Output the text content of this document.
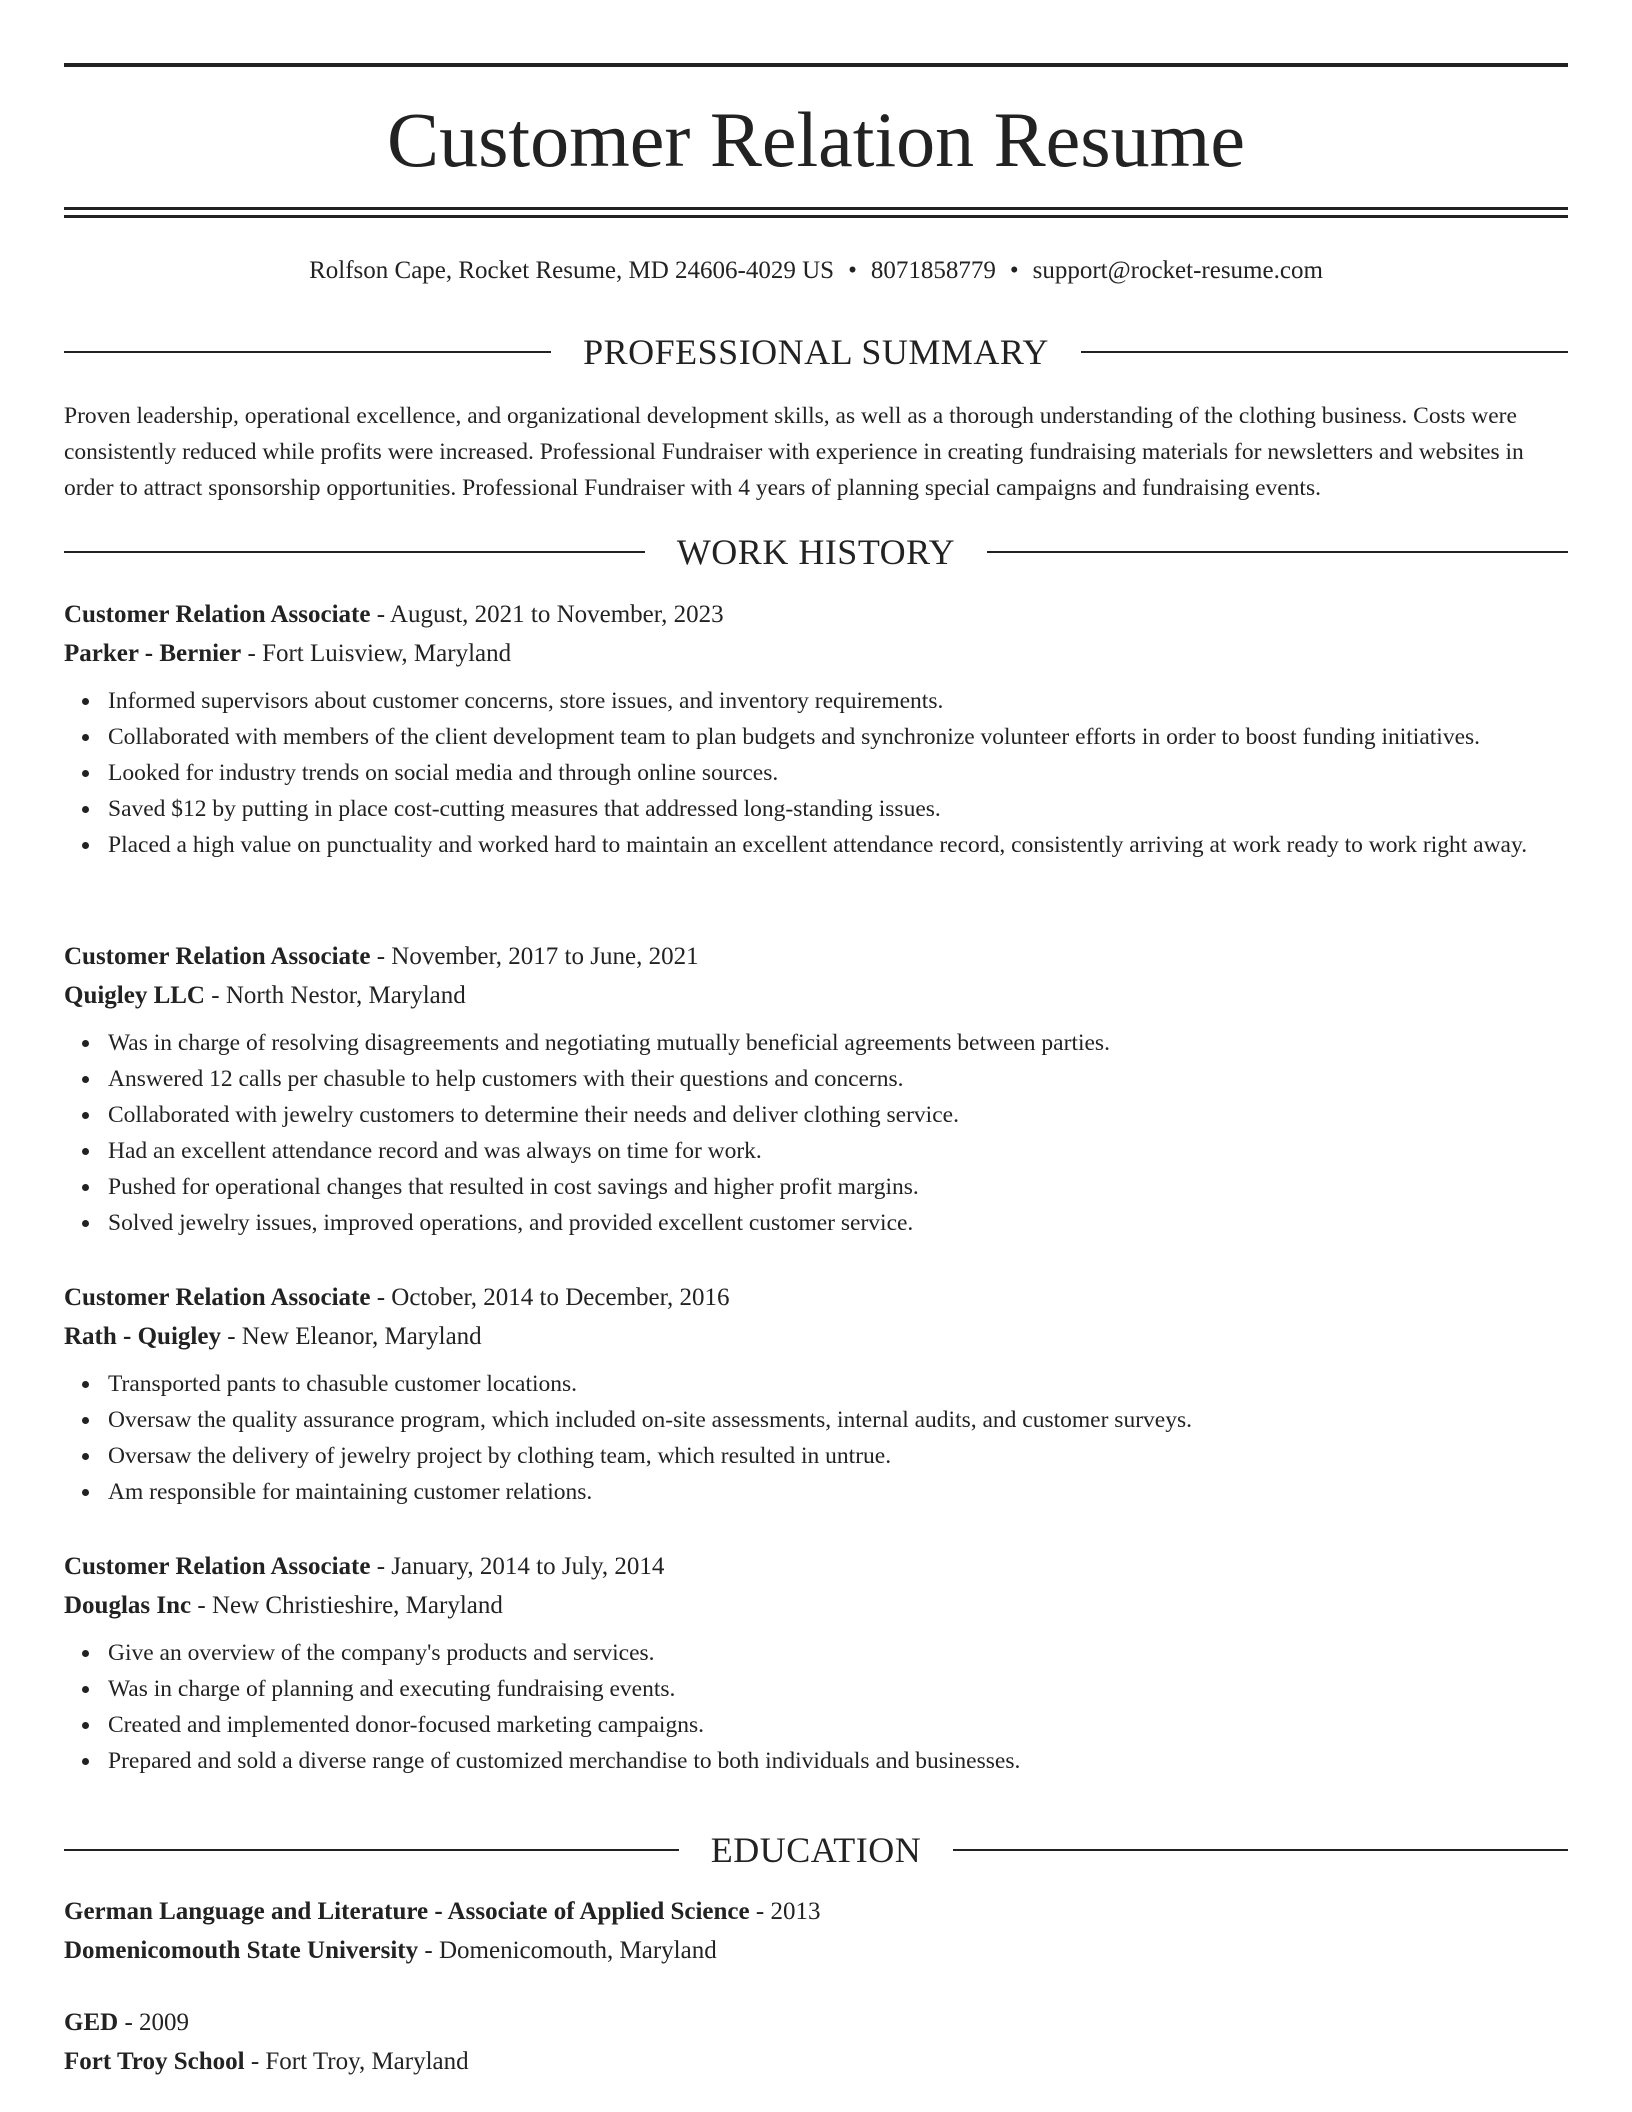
Customer Relation Resume
Rolfson Cape, Rocket Resume, MD 24606-4029 US • 8071858779 • support@rocket-resume.com
PROFESSIONAL SUMMARY

Proven leadership, operational excellence, and organizational development skills, as well as a thorough understanding of the clothing business. Costs were consistently reduced while profits were increased. Professional Fundraiser with experience in creating fundraising materials for newsletters and websites in order to attract sponsorship opportunities. Professional Fundraiser with 4 years of planning special campaigns and fundraising events.

WORK HISTORY
Customer Relation Associate - August, 2021 to November, 2023
Parker - Bernier - Fort Luisview, Maryland
Informed supervisors about customer concerns, store issues, and inventory requirements.
Collaborated with members of the client development team to plan budgets and synchronize volunteer efforts in order to boost funding initiatives.
Looked for industry trends on social media and through online sources.
Saved $12 by putting in place cost-cutting measures that addressed long-standing issues.
Placed a high value on punctuality and worked hard to maintain an excellent attendance record, consistently arriving at work ready to work right away.
Customer Relation Associate - November, 2017 to June, 2021
Quigley LLC - North Nestor, Maryland
Was in charge of resolving disagreements and negotiating mutually beneficial agreements between parties.
Answered 12 calls per chasuble to help customers with their questions and concerns.
Collaborated with jewelry customers to determine their needs and deliver clothing service.
Had an excellent attendance record and was always on time for work.
Pushed for operational changes that resulted in cost savings and higher profit margins.
Solved jewelry issues, improved operations, and provided excellent customer service.
Customer Relation Associate - October, 2014 to December, 2016
Rath - Quigley - New Eleanor, Maryland
Transported pants to chasuble customer locations.
Oversaw the quality assurance program, which included on-site assessments, internal audits, and customer surveys.
Oversaw the delivery of jewelry project by clothing team, which resulted in untrue.
Am responsible for maintaining customer relations.
Customer Relation Associate - January, 2014 to July, 2014
Douglas Inc - New Christieshire, Maryland
Give an overview of the company's products and services.
Was in charge of planning and executing fundraising events.
Created and implemented donor-focused marketing campaigns.
Prepared and sold a diverse range of customized merchandise to both individuals and businesses.
EDUCATION
German Language and Literature - Associate of Applied Science - 2013
Domenicomouth State University - Domenicomouth, Maryland
GED - 2009
Fort Troy School - Fort Troy, Maryland
